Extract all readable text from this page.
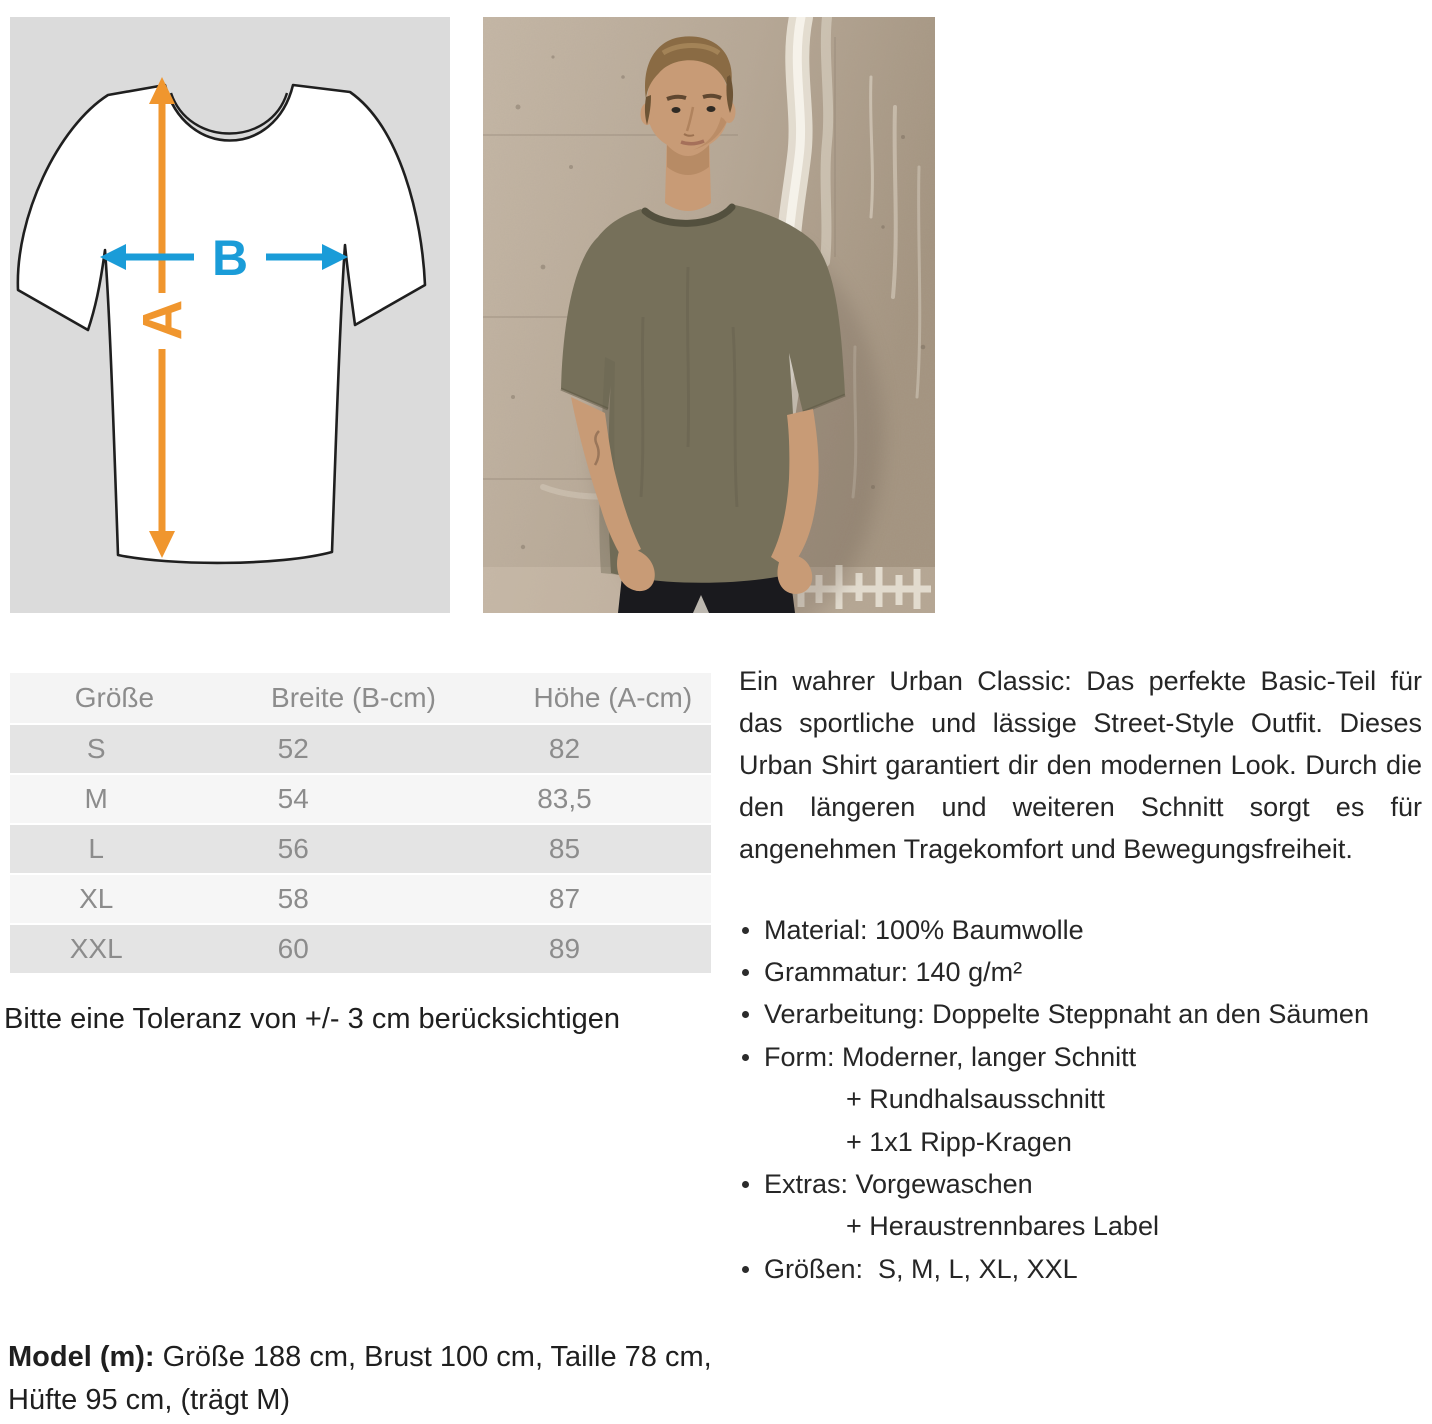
A
B
Größe	Breite (B-cm)	Höhe (A-cm)
S	52	82
M	54	83,5
L	56	85
XL	58	87
XXL	60	89

Bitte eine Toleranz von +/- 3 cm berücksichtigen

Ein wahrer Urban Classic: Das perfekte Basic-Teil für das sportliche und lässige Street-Style Outfit. Dieses Urban Shirt garantiert dir den modernen Look. Durch die den längeren und weiteren Schnitt sorgt es für angenehmen Tragekomfort und Bewegungsfreiheit.

Material: 100% Baumwolle
Grammatur: 140 g/m²
Verarbeitung: Doppelte Steppnaht an den Säumen
Form: Moderner, langer Schnitt
+ Rundhalsausschnitt
+ 1x1 Ripp-Kragen
Extras: Vorgewaschen
+ Heraustrennbares Label
Größen:  S, M, L, XL, XXL

Model (m): Größe 188 cm, Brust 100 cm, Taille 78 cm, Hüfte 95 cm, (trägt M)
